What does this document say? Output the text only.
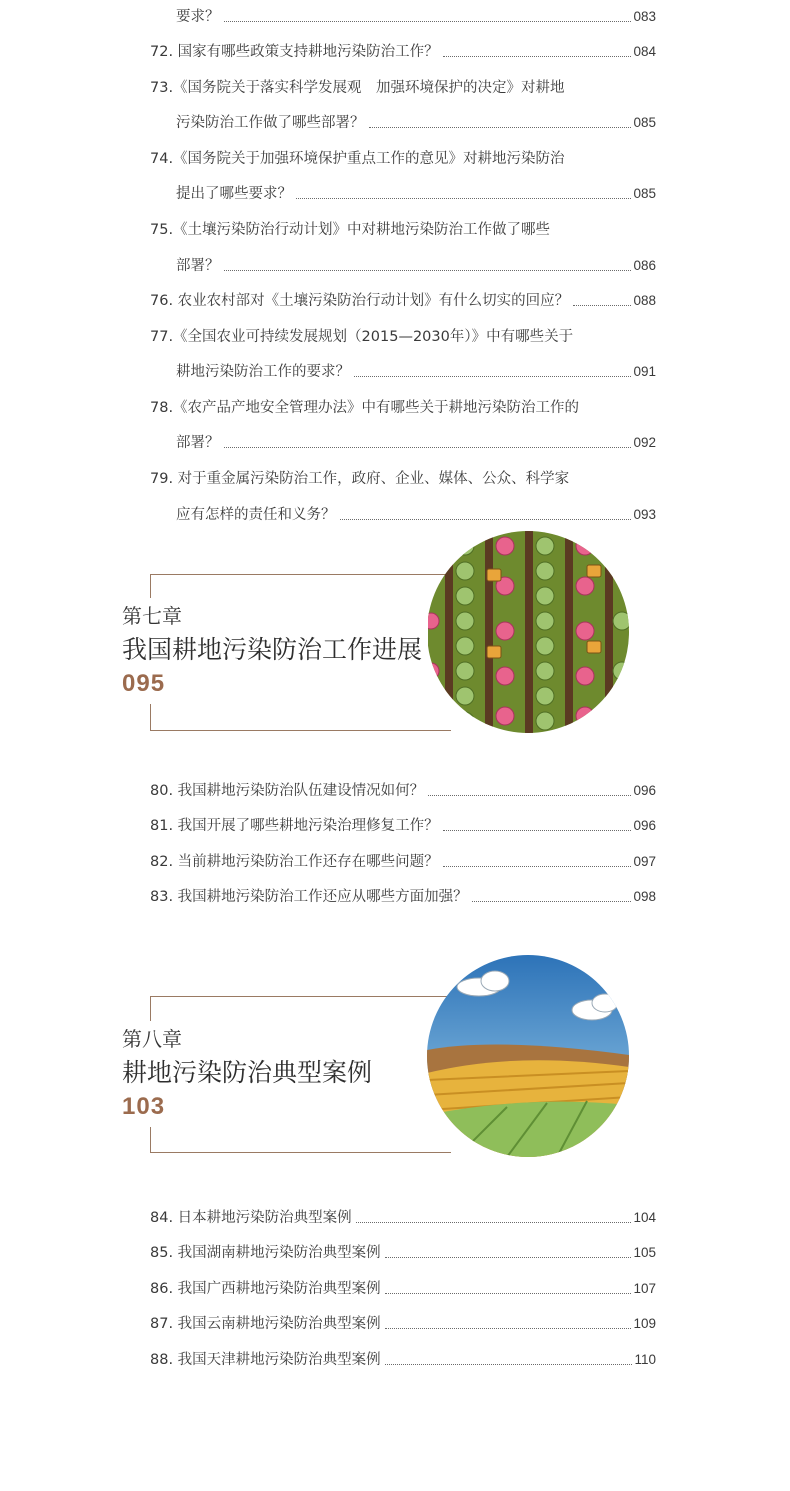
要求？	083
72. 国家有哪些政策支持耕地污染防治工作？	084
73.《国务院关于落实科学发展观　加强环境保护的决定》对耕地
污染防治工作做了哪些部署？	085
74.《国务院关于加强环境保护重点工作的意见》对耕地污染防治
提出了哪些要求？	085
75.《土壤污染防治行动计划》中对耕地污染防治工作做了哪些
部署？	086
76. 农业农村部对《土壤污染防治行动计划》有什么切实的回应？	088
77.《全国农业可持续发展规划（2015—2030年）》中有哪些关于
耕地污染防治工作的要求？	091
78.《农产品产地安全管理办法》中有哪些关于耕地污染防治工作的
部署？	092
79. 对于重金属污染防治工作，政府、企业、媒体、公众、科学家
应有怎样的责任和义务？	093
第七章
我国耕地污染防治工作进展
095
80. 我国耕地污染防治队伍建设情况如何？	096
81. 我国开展了哪些耕地污染治理修复工作？	096
82. 当前耕地污染防治工作还存在哪些问题？	097
83. 我国耕地污染防治工作还应从哪些方面加强？	098
第八章
耕地污染防治典型案例
103
84. 日本耕地污染防治典型案例	104
85. 我国湖南耕地污染防治典型案例	105
86. 我国广西耕地污染防治典型案例	107
87. 我国云南耕地污染防治典型案例	109
88. 我国天津耕地污染防治典型案例	110
